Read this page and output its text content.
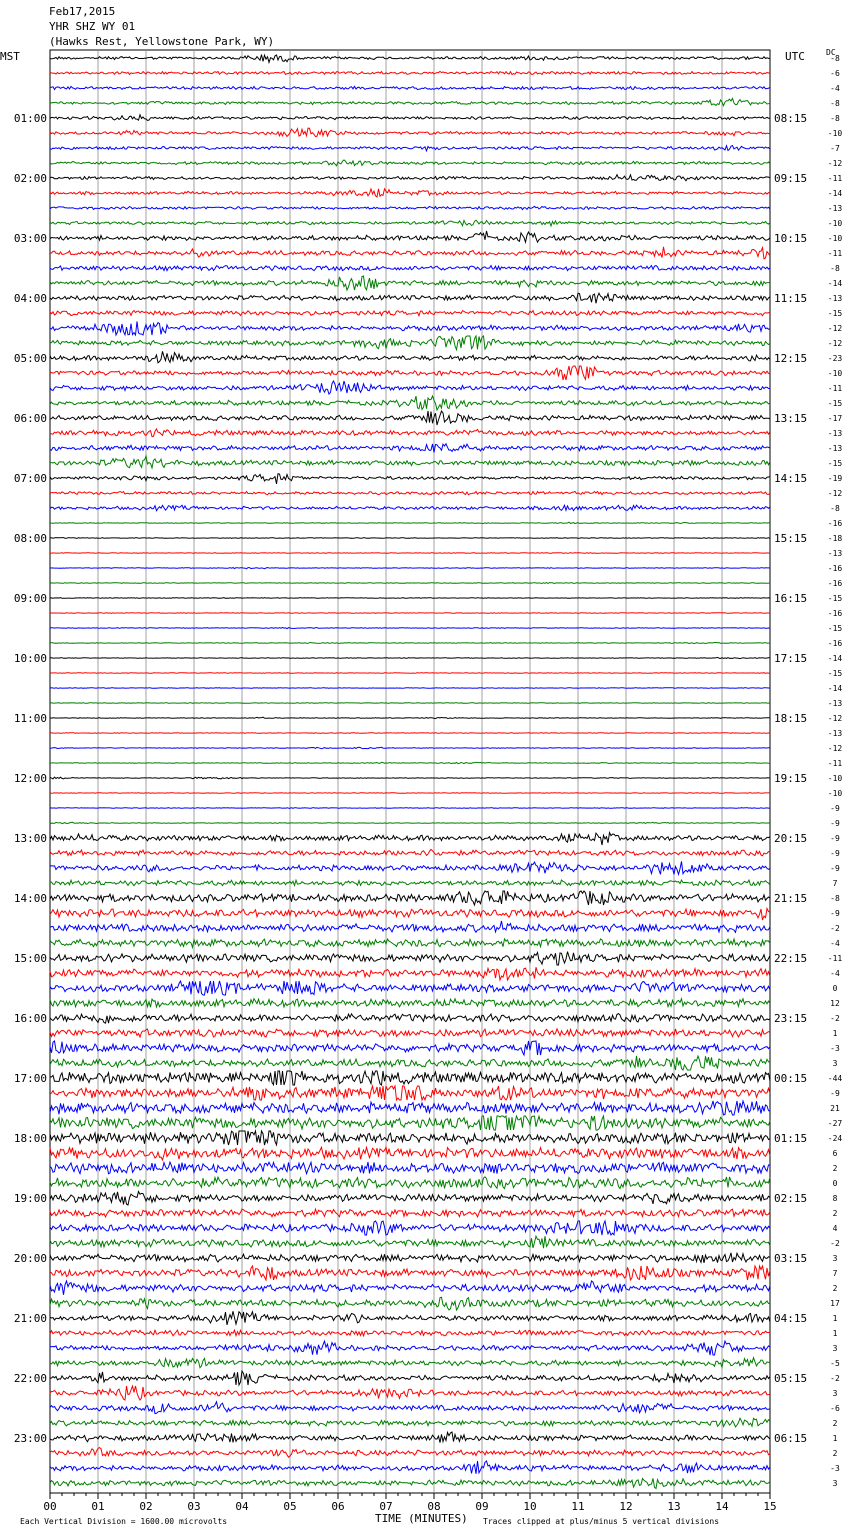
Feb17,2015
YHR SHZ WY 01
(Hawks Rest, Yellowstone Park, WY)
MST	UTC	DC
-8
-6
-4
-8
-8
-10
-7
-12
-11
-14
-13
-10
-10
-11
-8
-14
-13
-15
-12
-12
-23
-10
-11
-15
-17
-13
-13
-15
-19
-12
-8
-16
-18
-13
-16
-16
-15
-16
-15
-16
-14
-15
-14
-13
-12
-13
-12
-11
-10
-10
-9
-9
-9
-9
-9
7
-8
-9
-2
-4
-11
-4
0
12
-2
1
-3
3
-44
-9
21
-27
-24
6
2
0
8
2
4
-2
3
7
2
17
1
1
3
-5
-2
3
-6
2
1
2
-3
3
01:00	08:15
02:00	09:15
03:00	10:15
04:00	11:15
05:00	12:15
06:00	13:15
07:00	14:15
08:00	15:15
09:00	16:15
10:00	17:15
11:00	18:15
12:00	19:15
13:00	20:15
14:00	21:15
15:00	22:15
16:00	23:15
17:00	00:15
18:00	01:15
19:00	02:15
20:00	03:15
21:00	04:15
22:00	05:15
23:00	06:15
00	01	02	03	04	05	06	07	08	09	10	11	12	13	14	15
Each Vertical Division = 1600.00 microvolts	TIME (MINUTES) Traces clipped at plus/minus 5 vertical divisions
